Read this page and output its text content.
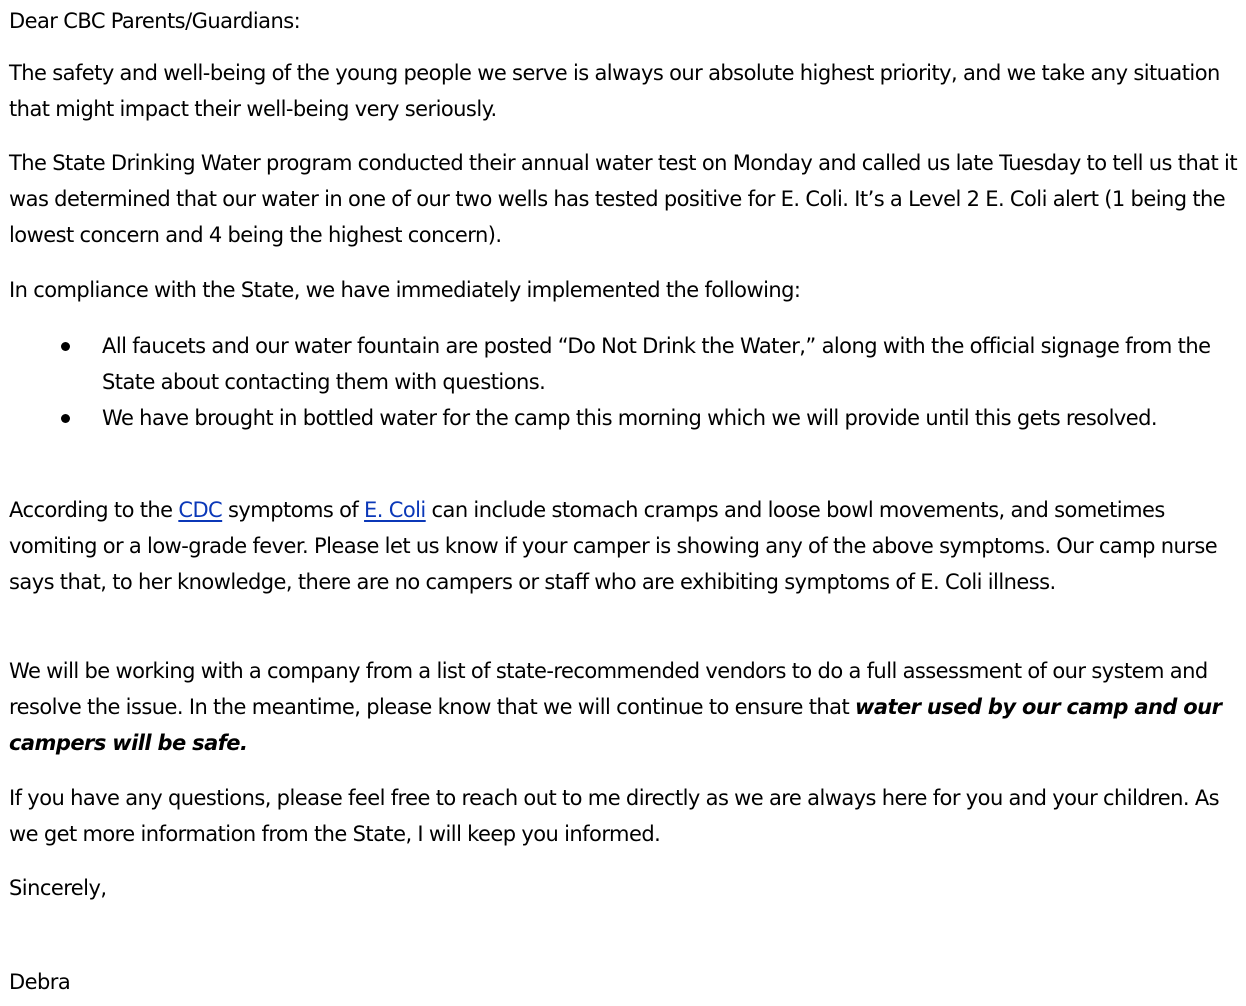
Dear CBC Parents/Guardians:

The safety and well-being of the young people we serve is always our absolute highest priority, and we take any situation that might impact their well-being very seriously.

The State Drinking Water program conducted their annual water test on Monday and called us late Tuesday to tell us that it was determined that our water in one of our two wells has tested positive for E. Coli. It’s a Level 2 E. Coli alert (1 being the lowest concern and 4 being the highest concern).

In compliance with the State, we have immediately implemented the following:

All faucets and our water fountain are posted “Do Not Drink the Water,” along with the official signage from the State about contacting them with questions.
We have brought in bottled water for the camp this morning which we will provide until this gets resolved.

According to the CDC symptoms of E. Coli can include stomach cramps and loose bowl movements, and sometimes vomiting or a low-grade fever. Please let us know if your camper is showing any of the above symptoms. Our camp nurse says that, to her knowledge, there are no campers or staff who are exhibiting symptoms of E. Coli illness.

We will be working with a company from a list of state-recommended vendors to do a full assessment of our system and resolve the issue. In the meantime, please know that we will continue to ensure that water used by our camp and our campers will be safe.

If you have any questions, please feel free to reach out to me directly as we are always here for you and your children. As we get more information from the State, I will keep you informed.

Sincerely,

Debra
